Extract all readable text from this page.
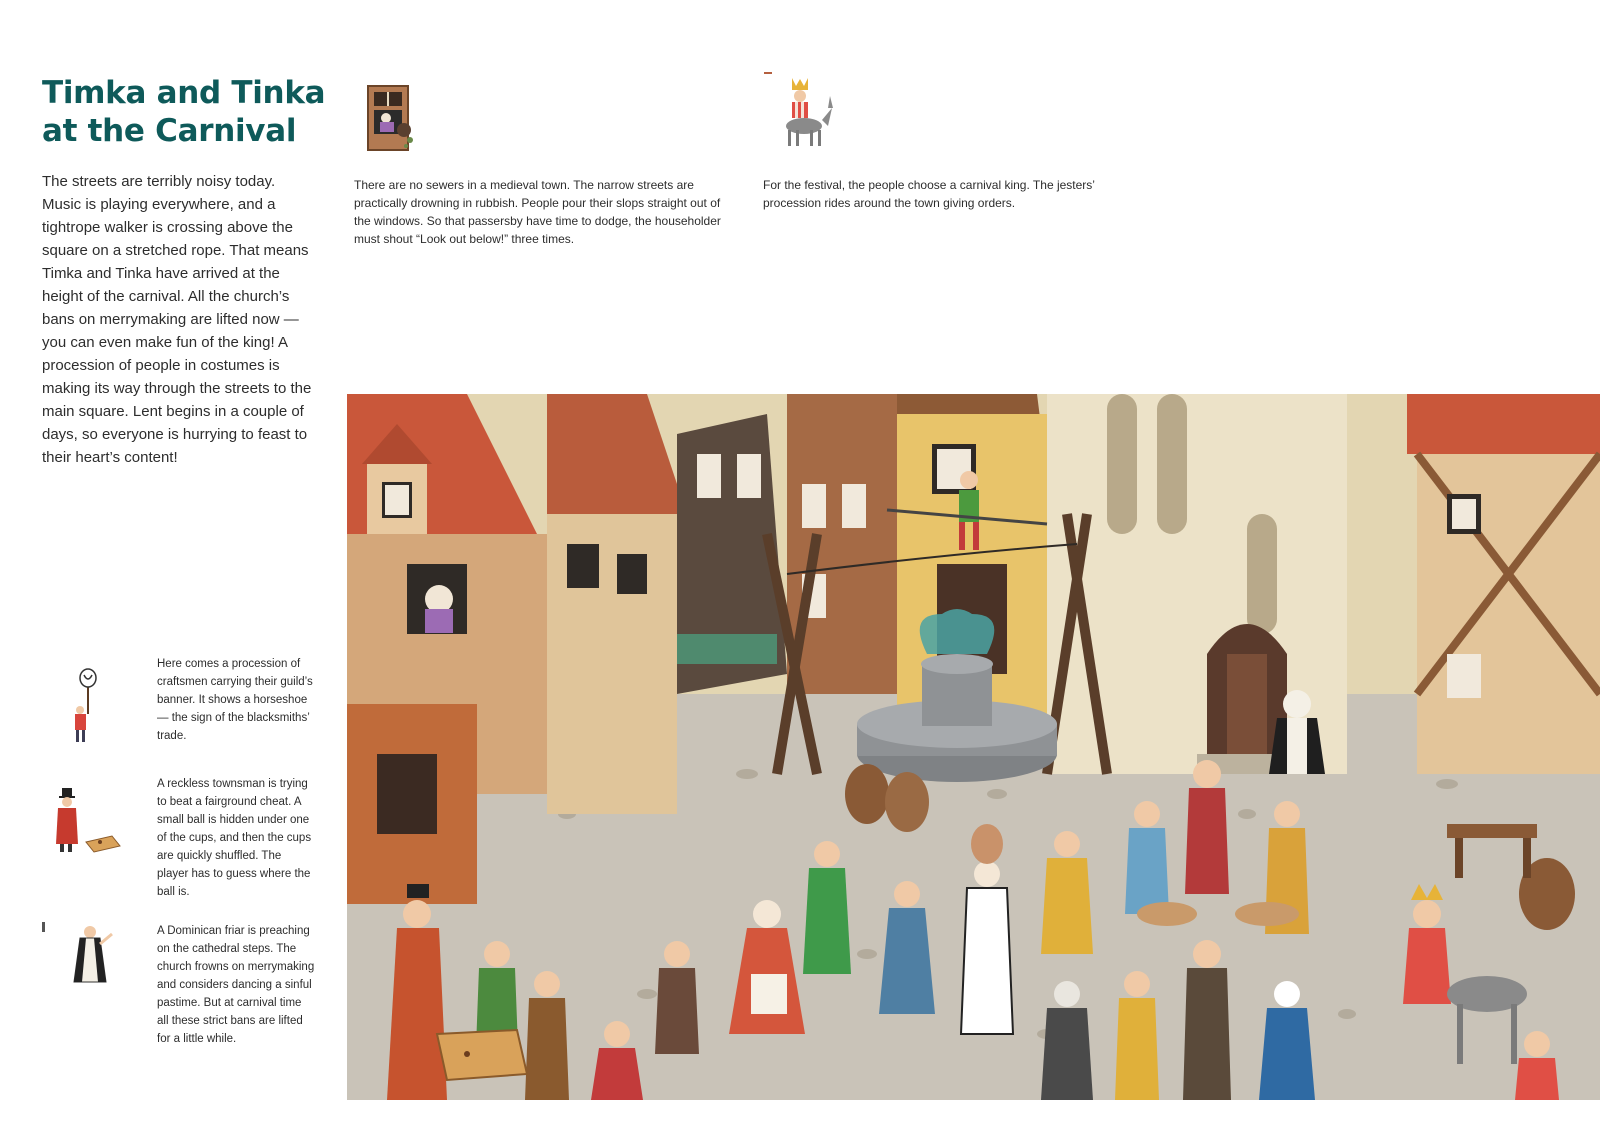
Timka and Tinka
at the Carnival

The streets are terribly noisy today. Music is playing everywhere, and a tightrope walker is crossing above the square on a stretched rope. That means Timka and Tinka have arrived at the height of the carnival. All the church’s bans on merrymaking are lifted now — you can even make fun of the king! A procession of people in costumes is making its way through the streets to the main square. Lent begins in a couple of days, so everyone is hurrying to feast to their heart’s content!

There are no sewers in a medieval town. The narrow streets are practically drowning in rubbish. People pour their slops straight out of the windows. So that passersby have time to dodge, the householder must shout “Look out below!” three times.

For the festival, the people choose a carnival king. The jesters’ procession rides around the town giving orders.

Here comes a procession of craftsmen carrying their guild’s banner. It shows a horseshoe — the sign of the blacksmiths’ trade.

A reckless townsman is trying to beat a fairground cheat. A small ball is hidden under one of the cups, and then the cups are quickly shuffled. The player has to guess where the ball is.

A Dominican friar is preaching on the cathedral steps. The church frowns on merrymaking and considers dancing a sinful pastime. But at carnival time all these strict bans are lifted for a little while.
